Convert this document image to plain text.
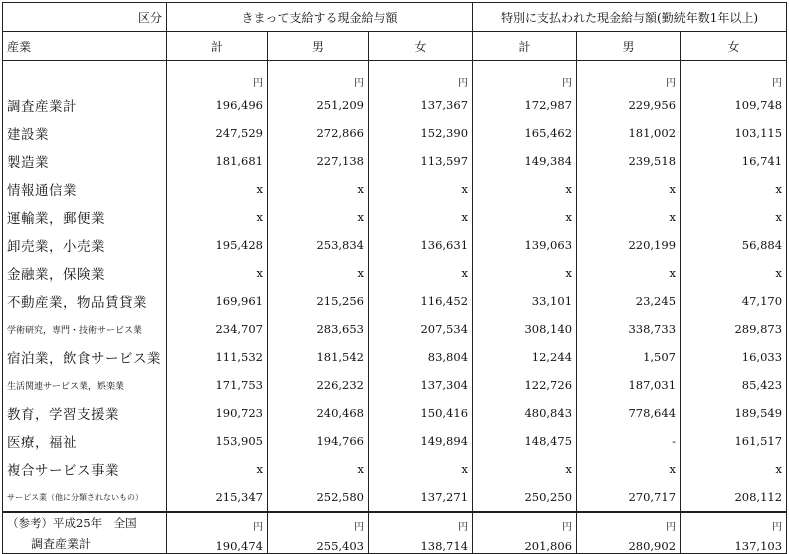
区分	きまって支給する現金給与額			特別に支払われた現金給与額(勤続年数1年以上)		
産業	計	男	女	計	男	女
	円	円	円	円	円	円
調査産業計	196,496	251,209	137,367	172,987	229,956	109,748
建設業	247,529	272,866	152,390	165,462	181,002	103,115
製造業	181,681	227,138	113,597	149,384	239,518	16,741
情報通信業	x	x	x	x	x	x
運輸業，郵便業	x	x	x	x	x	x
卸売業，小売業	195,428	253,834	136,631	139,063	220,199	56,884
金融業，保険業	x	x	x	x	x	x
不動産業，物品賃貸業	169,961	215,256	116,452	33,101	23,245	47,170
学術研究，専門・技術サービス業	234,707	283,653	207,534	308,140	338,733	289,873
宿泊業，飲食サービス業	111,532	181,542	83,804	12,244	1,507	16,033
生活関連サービス業，娯楽業	171,753	226,232	137,304	122,726	187,031	85,423
教育，学習支援業	190,723	240,468	150,416	480,843	778,644	189,549
医療，福祉	153,905	194,766	149,894	148,475	-	161,517
複合サービス事業	x	x	x	x	x	x
サービス業（他に分類されないもの）	215,347	252,580	137,271	250,250	270,717	208,112
（参考）平成25年　全国	円	円	円	円	円	円
調査産業計	190,474	255,403	138,714	201,806	280,902	137,103
